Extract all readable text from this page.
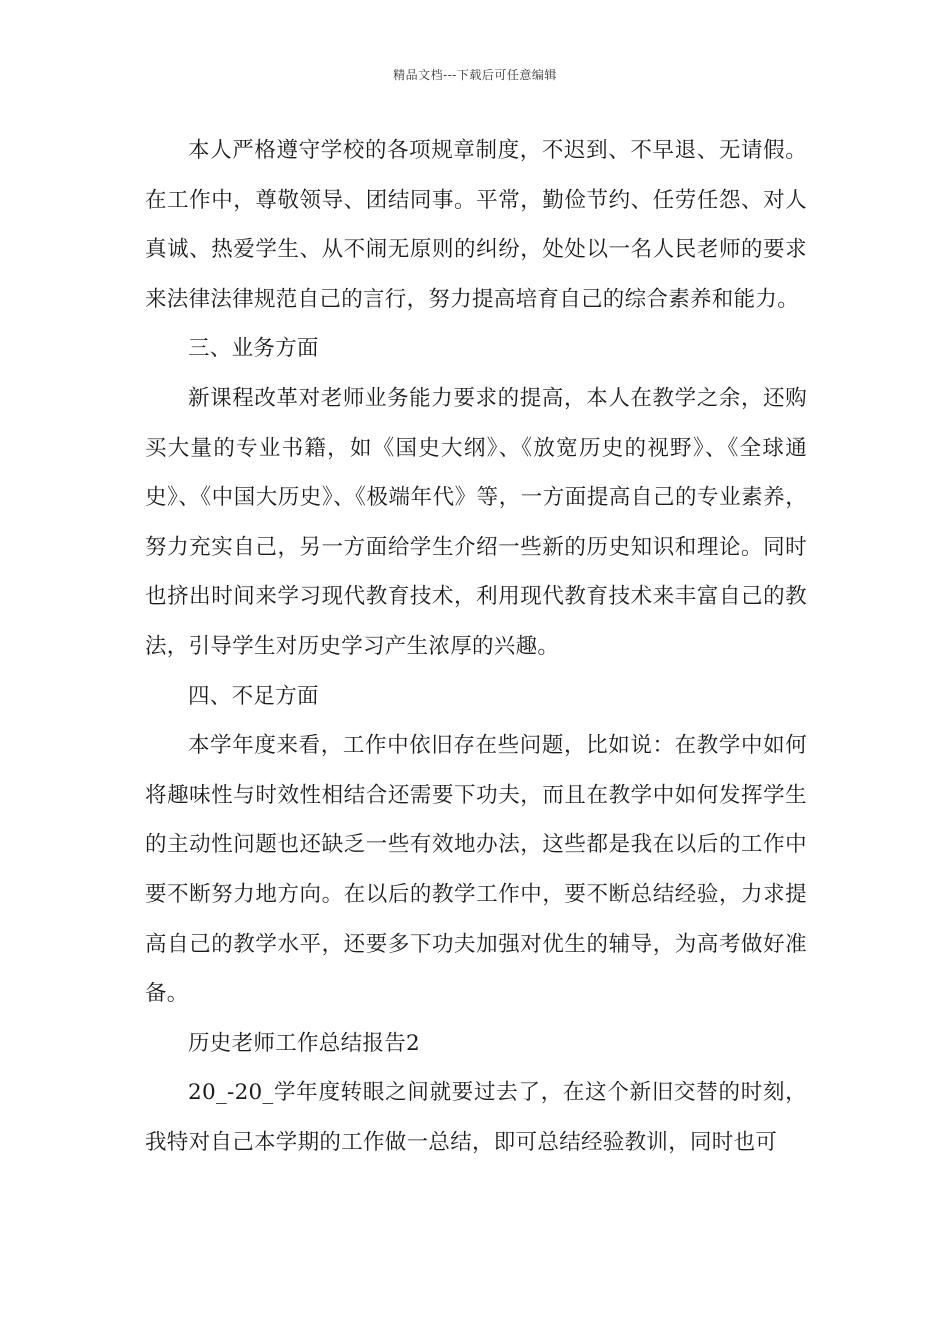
精品文档---下载后可任意编辑

本人严格遵守学校的各项规章制度，不迟到、不早退、无请假。在工作中，尊敬领导、团结同事。平常，勤俭节约、任劳任怨、对人真诚、热爱学生、从不闹无原则的纠纷，处处以一名人民老师的要求来法律法律规范自己的言行，努力提高培育自己的综合素养和能力。

三、业务方面

新课程改革对老师业务能力要求的提高，本人在教学之余，还购买大量的专业书籍，如《国史大纲》、《放宽历史的视野》、《全球通史》、《中国大历史》、《极端年代》等，一方面提高自己的专业素养，努力充实自己，另一方面给学生介绍一些新的历史知识和理论。同时也挤出时间来学习现代教育技术，利用现代教育技术来丰富自己的教法，引导学生对历史学习产生浓厚的兴趣。

四、不足方面

本学年度来看，工作中依旧存在些问题，比如说：在教学中如何将趣味性与时效性相结合还需要下功夫，而且在教学中如何发挥学生的主动性问题也还缺乏一些有效地办法，这些都是我在以后的工作中要不断努力地方向。在以后的教学工作中，要不断总结经验，力求提高自己的教学水平，还要多下功夫加强对优生的辅导，为高考做好准备。

历史老师工作总结报告2

20_-20_学年度转眼之间就要过去了，在这个新旧交替的时刻，我特对自己本学期的工作做一总结，即可总结经验教训，同时也可
